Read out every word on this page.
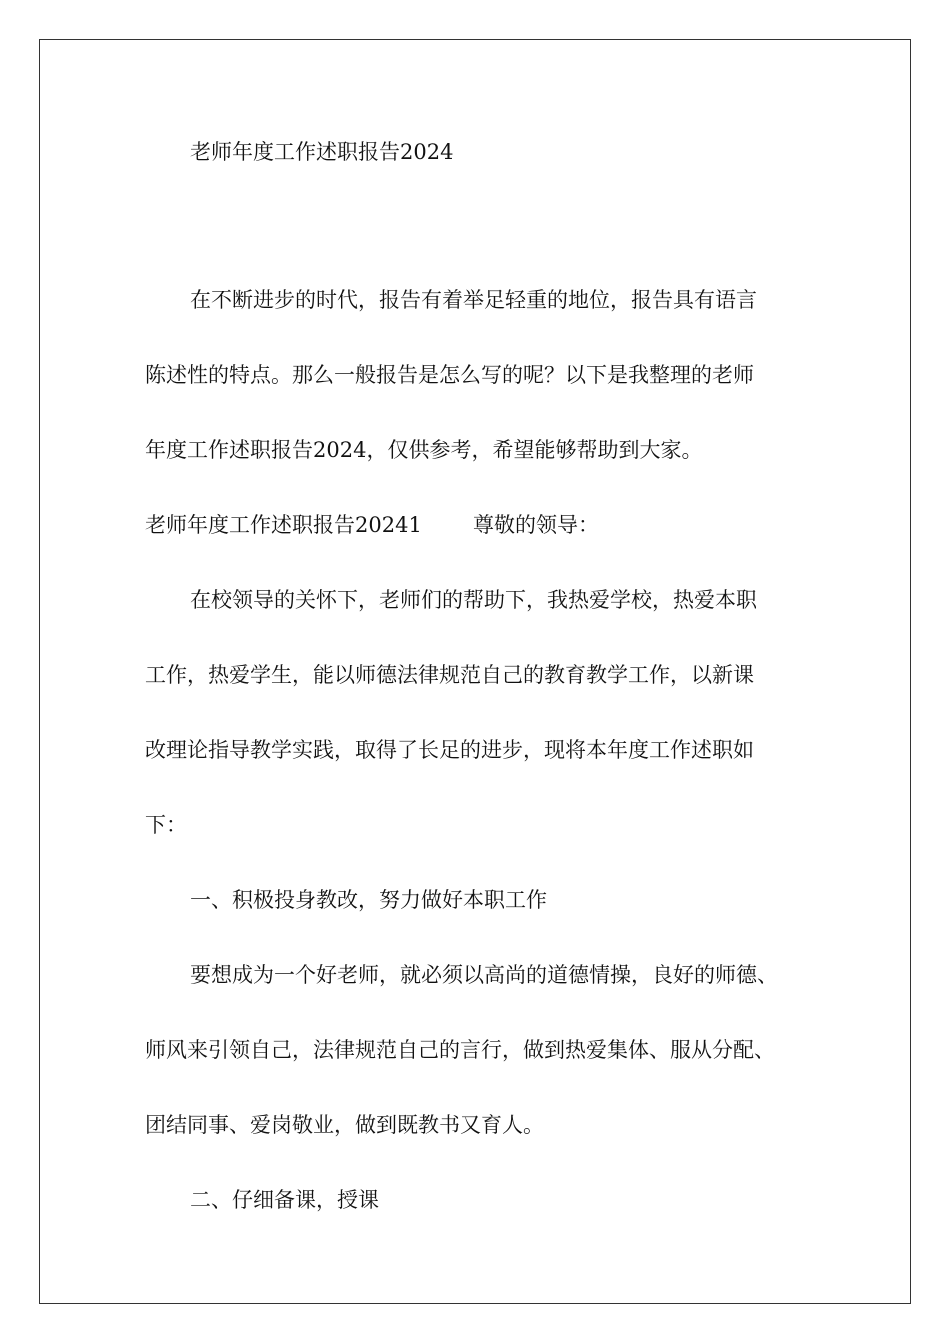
老师年度工作述职报告2024
在不断进步的时代，报告有着举足轻重的地位，报告具有语言
陈述性的特点。那么一般报告是怎么写的呢？以下是我整理的老师
年度工作述职报告2024，仅供参考，希望能够帮助到大家。
老师年度工作述职报告20241 尊敬的领导：
在校领导的关怀下，老师们的帮助下，我热爱学校，热爱本职
工作，热爱学生，能以师德法律规范自己的教育教学工作，以新课
改理论指导教学实践，取得了长足的进步，现将本年度工作述职如
下：
一、积极投身教改，努力做好本职工作
要想成为一个好老师，就必须以高尚的道德情操，良好的师德、
师风来引领自己，法律规范自己的言行，做到热爱集体、服从分配、
团结同事、爱岗敬业，做到既教书又育人。
二、仔细备课，授课
